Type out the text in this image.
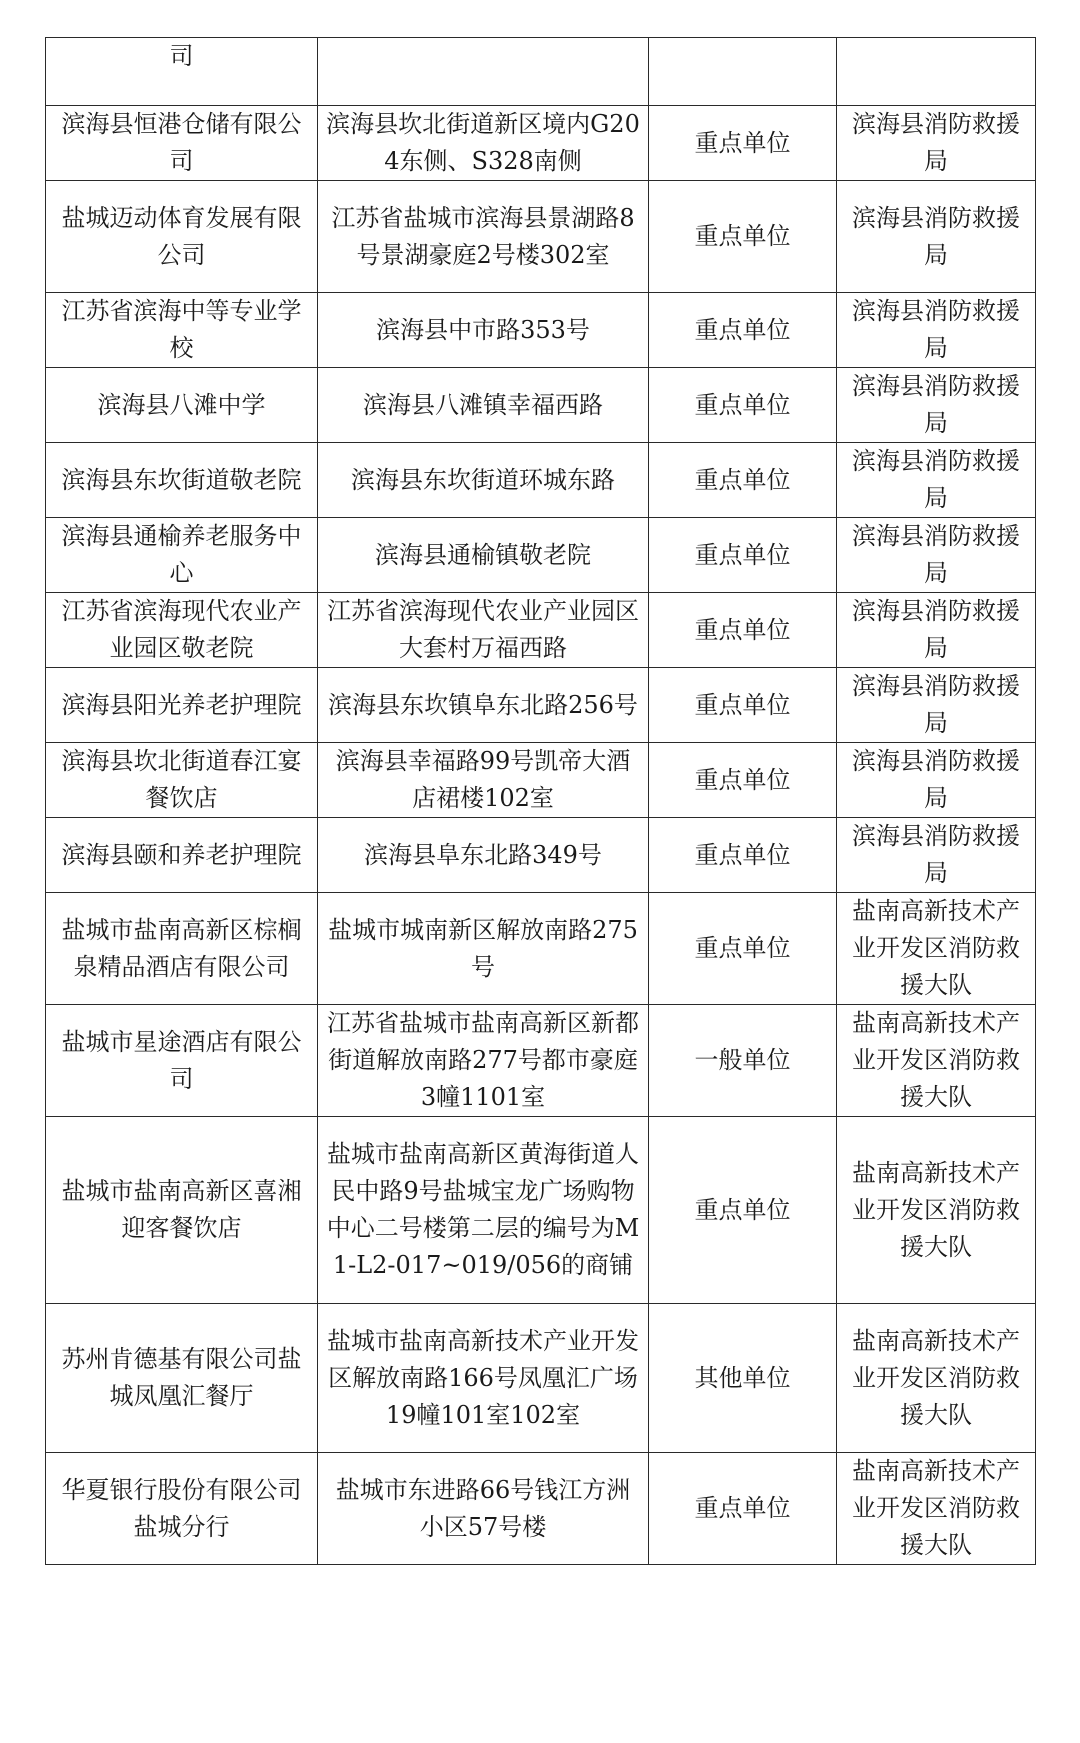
司			

滨海县恒港仓储有限公司	滨海县坎北街道新区境内G204东侧、S328南侧	重点单位	滨海县消防救援局

盐城迈动体育发展有限公司	江苏省盐城市滨海县景湖路8号景湖豪庭2号楼302室	重点单位	滨海县消防救援局

江苏省滨海中等专业学校	滨海县中市路353号	重点单位	滨海县消防救援局

滨海县八滩中学	滨海县八滩镇幸福西路	重点单位	滨海县消防救援局

滨海县东坎街道敬老院	滨海县东坎街道环城东路	重点单位	滨海县消防救援局

滨海县通榆养老服务中心	滨海县通榆镇敬老院	重点单位	滨海县消防救援局

江苏省滨海现代农业产业园区敬老院	江苏省滨海现代农业产业园区大套村万福西路	重点单位	滨海县消防救援局

滨海县阳光养老护理院	滨海县东坎镇阜东北路256号	重点单位	滨海县消防救援局

滨海县坎北街道春江宴餐饮店	滨海县幸福路99号凯帝大酒店裙楼102室	重点单位	滨海县消防救援局

滨海县颐和养老护理院	滨海县阜东北路349号	重点单位	滨海县消防救援局

盐城市盐南高新区棕榈泉精品酒店有限公司	盐城市城南新区解放南路275号	重点单位	盐南高新技术产业开发区消防救援大队

盐城市星途酒店有限公司	江苏省盐城市盐南高新区新都街道解放南路277号都市豪庭3幢1101室	一般单位	盐南高新技术产业开发区消防救援大队

盐城市盐南高新区喜湘迎客餐饮店	盐城市盐南高新区黄海街道人民中路9号盐城宝龙广场购物中心二号楼第二层的编号为M1-L2-017~019/056的商铺	重点单位	盐南高新技术产业开发区消防救援大队

苏州肯德基有限公司盐城凤凰汇餐厅	盐城市盐南高新技术产业开发区解放南路166号凤凰汇广场19幢101室102室	其他单位	盐南高新技术产业开发区消防救援大队

华夏银行股份有限公司盐城分行	盐城市东进路66号钱江方洲小区57号楼	重点单位	盐南高新技术产业开发区消防救援大队
